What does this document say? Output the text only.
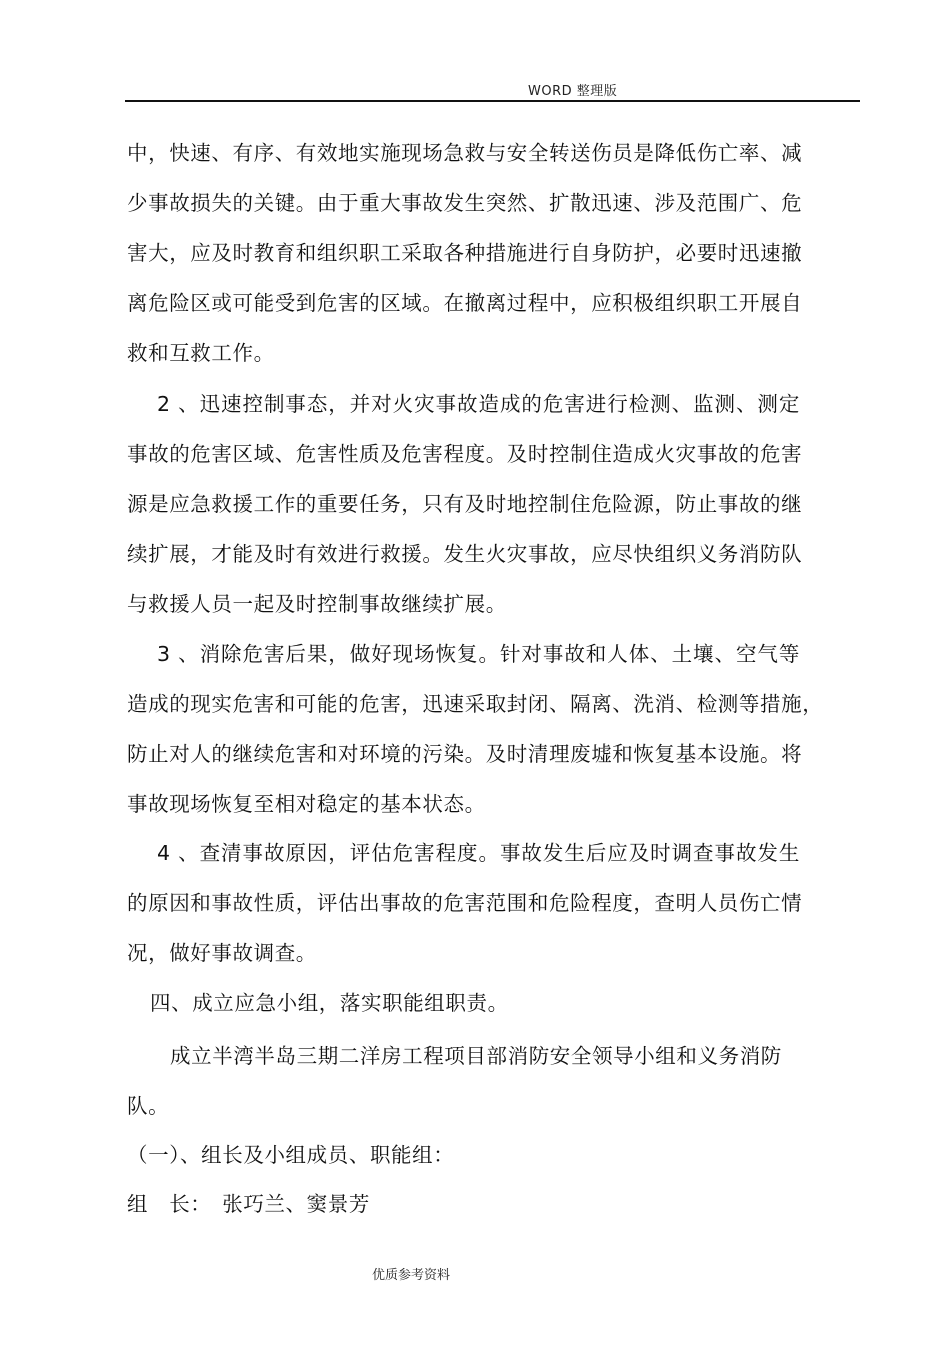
WORD 整理版
中，快速、有序、有效地实施现场急救与安全转送伤员是降低伤亡率、减
少事故损失的关键。由于重大事故发生突然、扩散迅速、涉及范围广、危
害大，应及时教育和组织职工采取各种措施进行自身防护，必要时迅速撤
离危险区或可能受到危害的区域。在撤离过程中，应积极组织职工开展自
救和互救工作。
2 、迅速控制事态，并对火灾事故造成的危害进行检测、监测、测定
事故的危害区域、危害性质及危害程度。及时控制住造成火灾事故的危害
源是应急救援工作的重要任务，只有及时地控制住危险源，防止事故的继
续扩展，才能及时有效进行救援。发生火灾事故，应尽快组织义务消防队
与救援人员一起及时控制事故继续扩展。
3 、消除危害后果，做好现场恢复。针对事故和人体、土壤、空气等
造成的现实危害和可能的危害，迅速采取封闭、隔离、洗消、检测等措施，
防止对人的继续危害和对环境的污染。及时清理废墟和恢复基本设施。将
事故现场恢复至相对稳定的基本状态。
4 、查清事故原因，评估危害程度。事故发生后应及时调查事故发生
的原因和事故性质，评估出事故的危害范围和危险程度，查明人员伤亡情
况，做好事故调查。
四、成立应急小组，落实职能组职责。
成立半湾半岛三期二洋房工程项目部消防安全领导小组和义务消防
队。
（一）、组长及小组成员、职能组：
组　长：　张巧兰、窦景芳
优质参考资料
